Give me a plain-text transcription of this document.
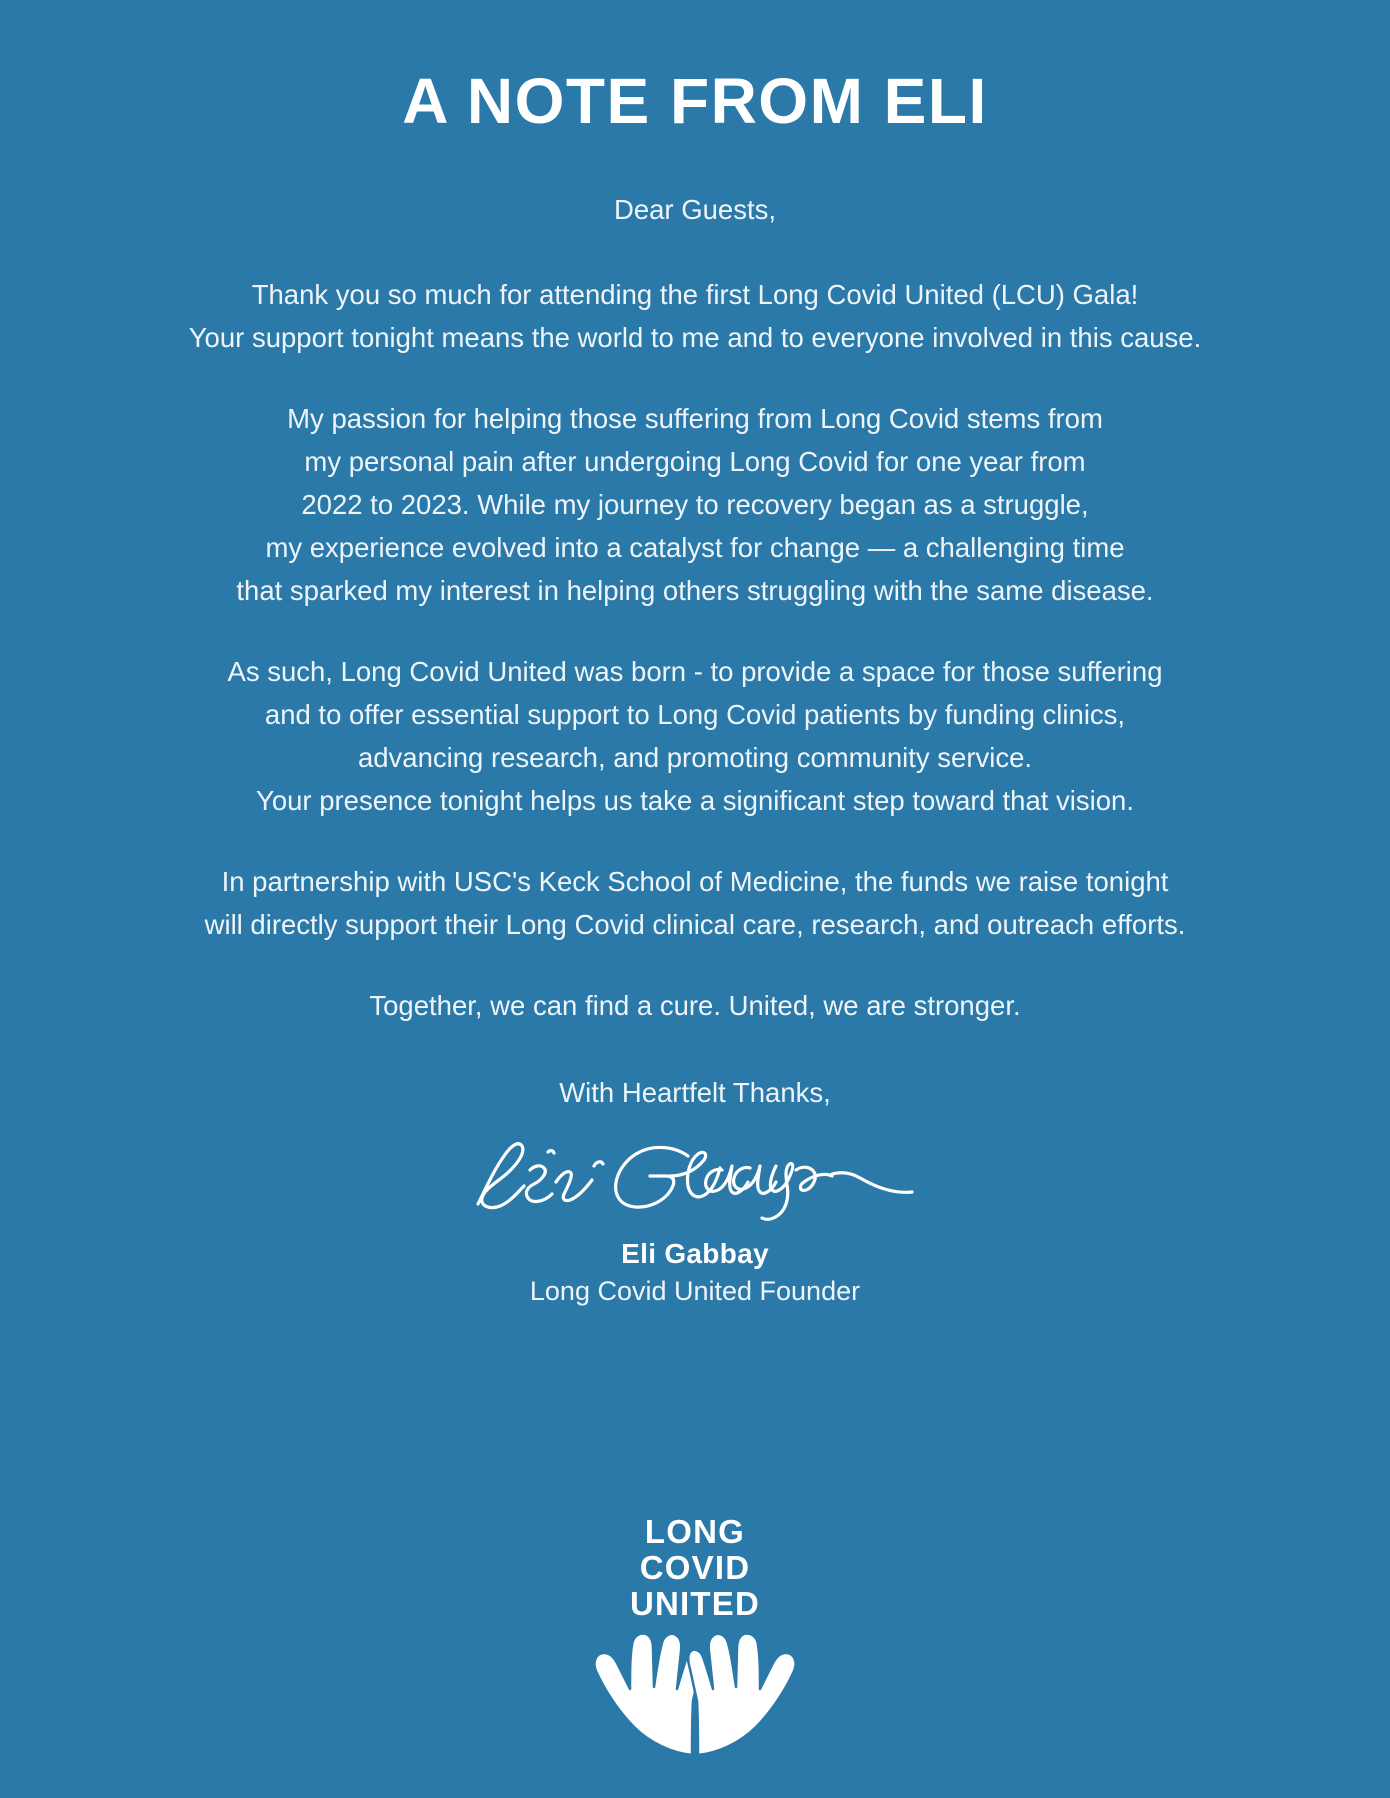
A NOTE FROM ELI

Dear Guests,

Thank you so much for attending the first Long Covid United (LCU) Gala!
Your support tonight means the world to me and to everyone involved in this cause.

My passion for helping those suffering from Long Covid stems from
my personal pain after undergoing Long Covid for one year from
2022 to 2023. While my journey to recovery began as a struggle,
my experience evolved into a catalyst for change — a challenging time
that sparked my interest in helping others struggling with the same disease.

As such, Long Covid United was born - to provide a space for those suffering
and to offer essential support to Long Covid patients by funding clinics,
advancing research, and promoting community service.
Your presence tonight helps us take a significant step toward that vision.

In partnership with USC's Keck School of Medicine, the funds we raise tonight
will directly support their Long Covid clinical care, research, and outreach efforts.

Together, we can find a cure. United, we are stronger.

With Heartfelt Thanks,
Eli Gabbay
Long Covid United Founder
LONG
COVID
UNITED
